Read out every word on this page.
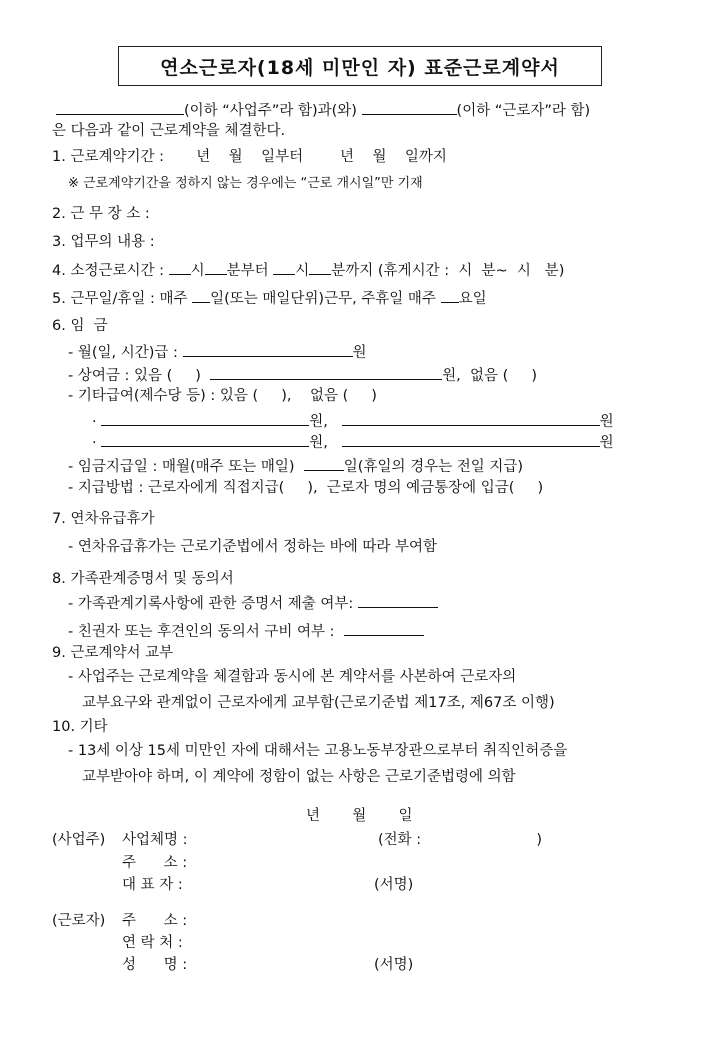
연소근로자(18세 미만인 자) 표준근로계약서
(이하 “사업주”라 함)과(와)	(이하 “근로자”라 함)
은 다음과 같이 근로계약을 체결한다.
1. 근로계약기간 :       년    월    일부터        년    월    일까지
※ 근로계약기간을 정하지 않는 경우에는 “근로 개시일”만 기재
2. 근 무 장 소 :
3. 업무의 내용 :
4. 소정근로시간 : 시 분부터 시 분까지 (휴게시간 :  시  분~  시   분)
5. 근무일/휴일 : 매주 일(또는 매일단위)근무, 주휴일 매주 요일
6. 임  금
- 월(일, 시간)급 :	원
- 상여금 : 있음 (     )	원,  없음 (     )
- 기타급여(제수당 등) : 있음 (     ),    없음 (     )
·	원,	원
·	원,	원
- 임금지급일 : 매월(매주 또는 매일)	일(휴일의 경우는 전일 지급)
- 지급방법 : 근로자에게 직접지급(     ),  근로자 명의 예금통장에 입금(     )
7. 연차유급휴가
- 연차유급휴가는 근로기준법에서 정하는 바에 따라 부여함
8. 가족관계증명서 및 동의서
- 가족관계기록사항에 관한 증명서 제출 여부:
- 친권자 또는 후견인의 동의서 구비 여부 :
9. 근로계약서 교부
- 사업주는 근로계약을 체결함과 동시에 본 계약서를 사본하여 근로자의
교부요구와 관계없이 근로자에게 교부함(근로기준법 제17조, 제67조 이행)
10. 기타
- 13세 이상 15세 미만인 자에 대해서는 고용노동부장관으로부터 취직인허증을
교부받아야 하며, 이 계약에 정함이 없는 사항은 근로기준법령에 의함
년       월       일
(사업주) 사업체명 :	(전화 :                         )
주      소 :
대 표 자 :	(서명)
(근로자) 주      소 :
연 락 처 :
성      명 :	(서명)
